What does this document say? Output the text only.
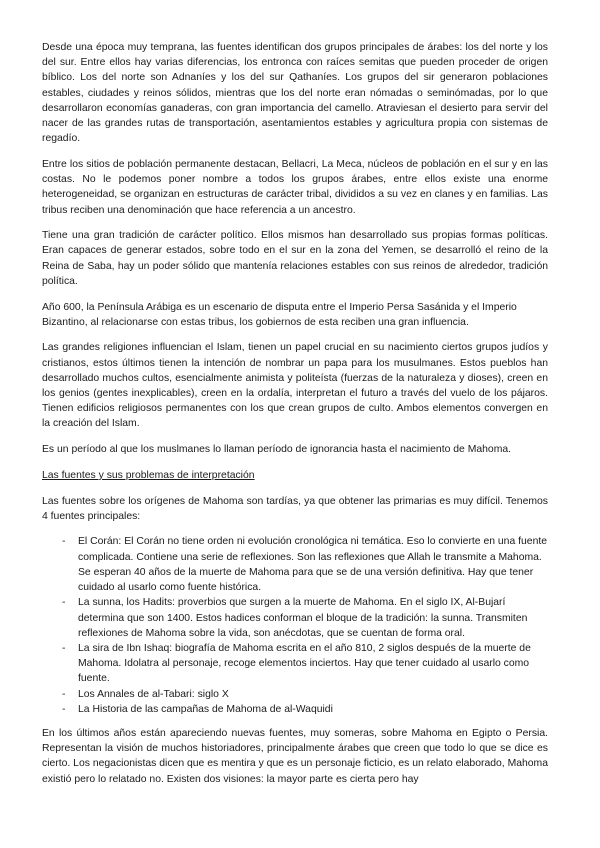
Desde una época muy temprana, las fuentes identifican dos grupos principales de árabes: los del norte y los del sur. Entre ellos hay varias diferencias, los entronca con raíces semitas que pueden proceder de origen bíblico. Los del norte son Adnaníes y los del sur Qathaníes. Los grupos del sir generaron poblaciones estables, ciudades y reinos sólidos, mientras que los del norte eran nómadas o seminómadas, por lo que desarrollaron economías ganaderas, con gran importancia del camello. Atraviesan el desierto para servir del nacer de las grandes rutas de transportación, asentamientos estables y agricultura propia con sistemas de regadío.

Entre los sitios de población permanente destacan, Bellacri, La Meca, núcleos de población en el sur y en las costas. No le podemos poner nombre a todos los grupos árabes, entre ellos existe una enorme heterogeneidad, se organizan en estructuras de carácter tribal, divididos a su vez en clanes y en familias. Las tribus reciben una denominación que hace referencia a un ancestro.

Tiene una gran tradición de carácter político. Ellos mismos han desarrollado sus propias formas políticas. Eran capaces de generar estados, sobre todo en el sur en la zona del Yemen, se desarrolló el reino de la Reina de Saba, hay un poder sólido que mantenía relaciones estables con sus reinos de alrededor, tradición política.

Año 600, la Península Arábiga es un escenario de disputa entre el Imperio Persa Sasánida y el Imperio Bizantino, al relacionarse con estas tribus, los gobiernos de esta reciben una gran influencia.

Las grandes religiones influencian el Islam, tienen un papel crucial en su nacimiento ciertos grupos judíos y cristianos, estos últimos tienen la intención de nombrar un papa para los musulmanes. Estos pueblos han desarrollado muchos cultos, esencialmente animista y politeísta (fuerzas de la naturaleza y dioses), creen en los genios (gentes inexplicables), creen en la ordalía, interpretan el futuro a través del vuelo de los pájaros. Tienen edificios religiosos permanentes con los que crean grupos de culto. Ambos elementos convergen en la creación del Islam.

Es un período al que los muslmanes lo llaman período de ignorancia hasta el nacimiento de Mahoma.

Las fuentes y sus problemas de interpretación

Las fuentes sobre los orígenes de Mahoma son tardías, ya que obtener las primarias es muy difícil. Tenemos 4 fuentes principales:

- El Corán: El Corán no tiene orden ni evolución cronológica ni temática. Eso lo convierte en una fuente complicada. Contiene una serie de reflexiones. Son las reflexiones que Allah le transmite a Mahoma. Se esperan 40 años de la muerte de Mahoma para que se de una versión definitiva. Hay que tener cuidado al usarlo como fuente histórica.
- La sunna, los Hadits: proverbios que surgen a la muerte de Mahoma. En el siglo IX, Al-Bujarí determina que son 1400. Estos hadices conforman el bloque de la tradición: la sunna. Transmiten reflexiones de Mahoma sobre la vida, son anécdotas, que se cuentan de forma oral.
- La sira de Ibn Ishaq: biografía de Mahoma escrita en el año 810, 2 siglos después de la muerte de Mahoma. Idolatra al personaje, recoge elementos inciertos. Hay que tener cuidado al usarlo como fuente.
- Los Annales de al-Tabari: siglo X
- La Historia de las campañas de Mahoma de al-Waquidi

En los últimos años están apareciendo nuevas fuentes, muy someras, sobre Mahoma en Egipto o Persia. Representan la visión de muchos historiadores, principalmente árabes que creen que todo lo que se dice es cierto. Los negacionistas dicen que es mentira y que es un personaje ficticio, es un relato elaborado, Mahoma existió pero lo relatado no. Existen dos visiones: la mayor parte es cierta pero hay
